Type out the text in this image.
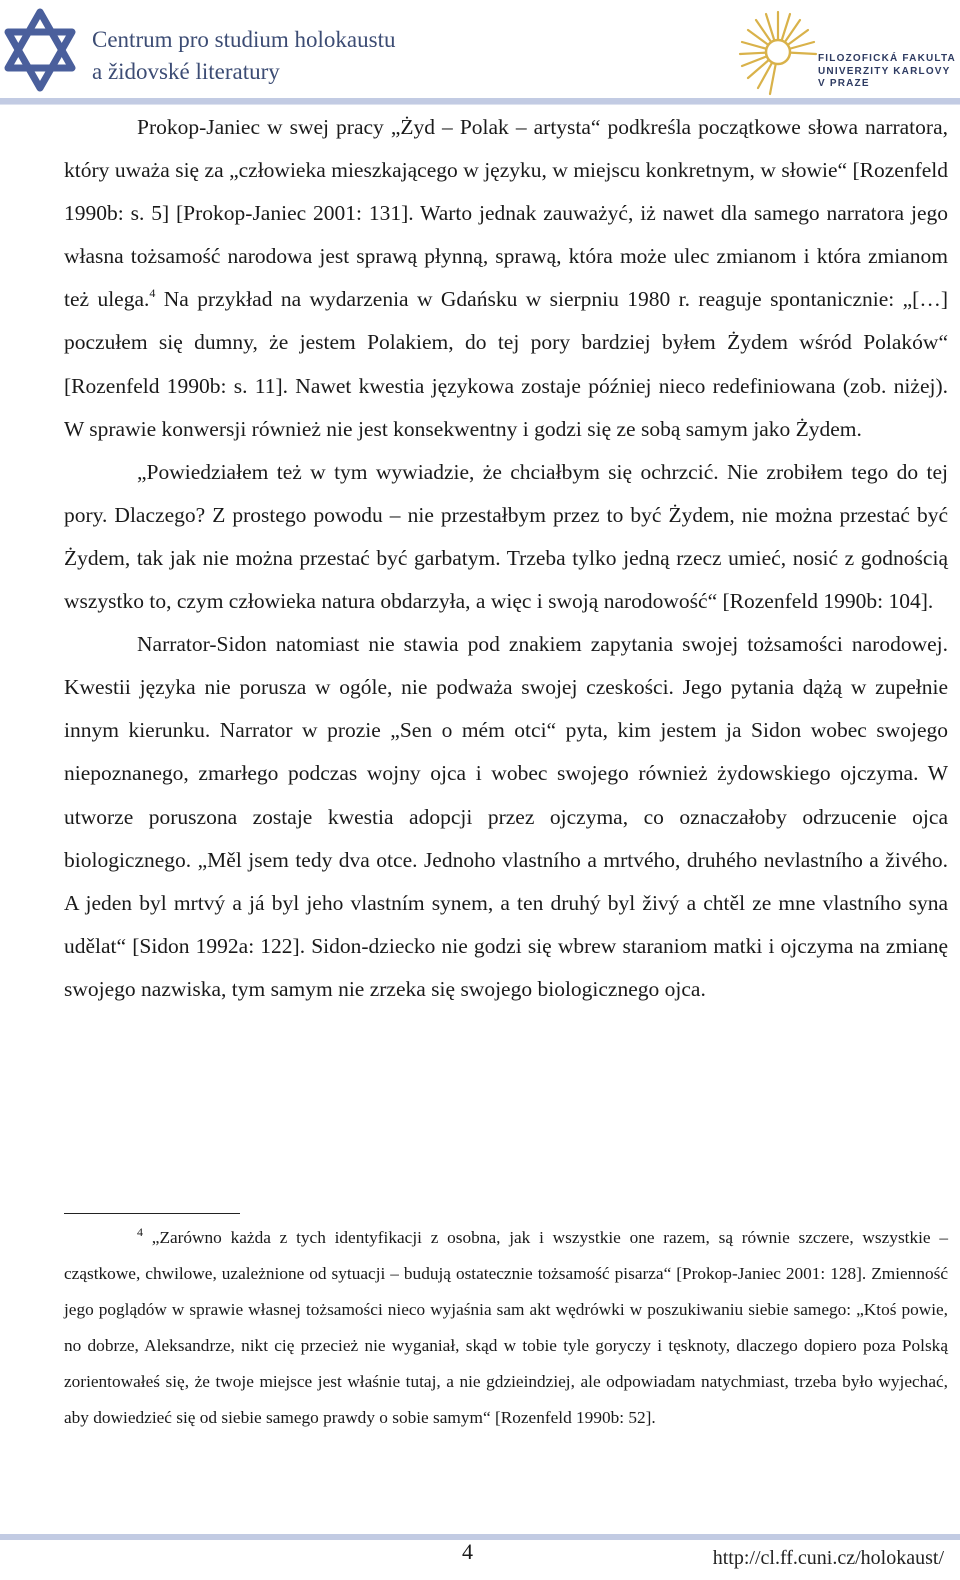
Centrum pro studium holokaustu
a židovské literatury
FILOZOFICKÁ FAKULTA
UNIVERZITY KARLOVY
V PRAZE

Prokop-Janiec w swej pracy „Żyd – Polak – artysta“ podkreśla początkowe słowa narratora, który uważa się za „człowieka mieszkającego w języku, w miejscu konkretnym, w słowie“ [Rozenfeld 1990b: s. 5] [Prokop-Janiec 2001: 131]. Warto jednak zauważyć, iż nawet dla samego narratora jego własna tożsamość narodowa jest sprawą płynną, sprawą, która może ulec zmianom i która zmianom też ulega.$^4$ Na przykład na wydarzenia w Gdańsku w sierpniu 1980 r. reaguje spontanicznie: „[…] poczułem się dumny, że jestem Polakiem, do tej pory bardziej byłem Żydem wśród Polaków“ [Rozenfeld 1990b: s. 11]. Nawet kwestia językowa zostaje później nieco redefiniowana (zob. niżej). W sprawie konwersji również nie jest konsekwentny i godzi się ze sobą samym jako Żydem.

„Powiedziałem też w tym wywiadzie, że chciałbym się ochrzcić. Nie zrobiłem tego do tej pory. Dlaczego? Z prostego powodu – nie przestałbym przez to być Żydem, nie można przestać być Żydem, tak jak nie można przestać być garbatym. Trzeba tylko jedną rzecz umieć, nosić z godnością wszystko to, czym człowieka natura obdarzyła, a więc i swoją narodowość“ [Rozenfeld 1990b: 104].

Narrator-Sidon natomiast nie stawia pod znakiem zapytania swojej tożsamości narodowej. Kwestii języka nie porusza w ogóle, nie podważa swojej czeskości. Jego pytania dążą w zupełnie innym kierunku. Narrator w prozie „Sen o mém otci“ pyta, kim jestem ja Sidon wobec swojego niepoznanego, zmarłego podczas wojny ojca i wobec swojego również żydowskiego ojczyma. W utworze poruszona zostaje kwestia adopcji przez ojczyma, co oznaczałoby odrzucenie ojca biologicznego. „Měl jsem tedy dva otce. Jednoho vlastního a mrtvého, druhého nevlastního a živého. A jeden byl mrtvý a já byl jeho vlastním synem, a ten druhý byl živý a chtěl ze mne vlastního syna udělat“ [Sidon 1992a: 122]. Sidon-dziecko nie godzi się wbrew staraniom matki i ojczyma na zmianę swojego nazwiska, tym samym nie zrzeka się swojego biologicznego ojca.

$^4$ „Zarówno każda z tych identyfikacji z osobna, jak i wszystkie one razem, są równie szczere, wszystkie – cząstkowe, chwilowe, uzależnione od sytuacji – budują ostatecznie tożsamość pisarza“ [Prokop-Janiec 2001: 128]. Zmienność jego poglądów w sprawie własnej tożsamości nieco wyjaśnia sam akt wędrówki w poszukiwaniu siebie samego: „Ktoś powie, no dobrze, Aleksandrze, nikt cię przecież nie wyganiał, skąd w tobie tyle goryczy i tęsknoty, dlaczego dopiero poza Polską zorientowałeś się, że twoje miejsce jest właśnie tutaj, a nie gdzieindziej, ale odpowiadam natychmiast, trzeba było wyjechać, aby dowiedzieć się od siebie samego prawdy o sobie samym“ [Rozenfeld 1990b: 52].

4	http://cl.ff.cuni.cz/holokaust/
